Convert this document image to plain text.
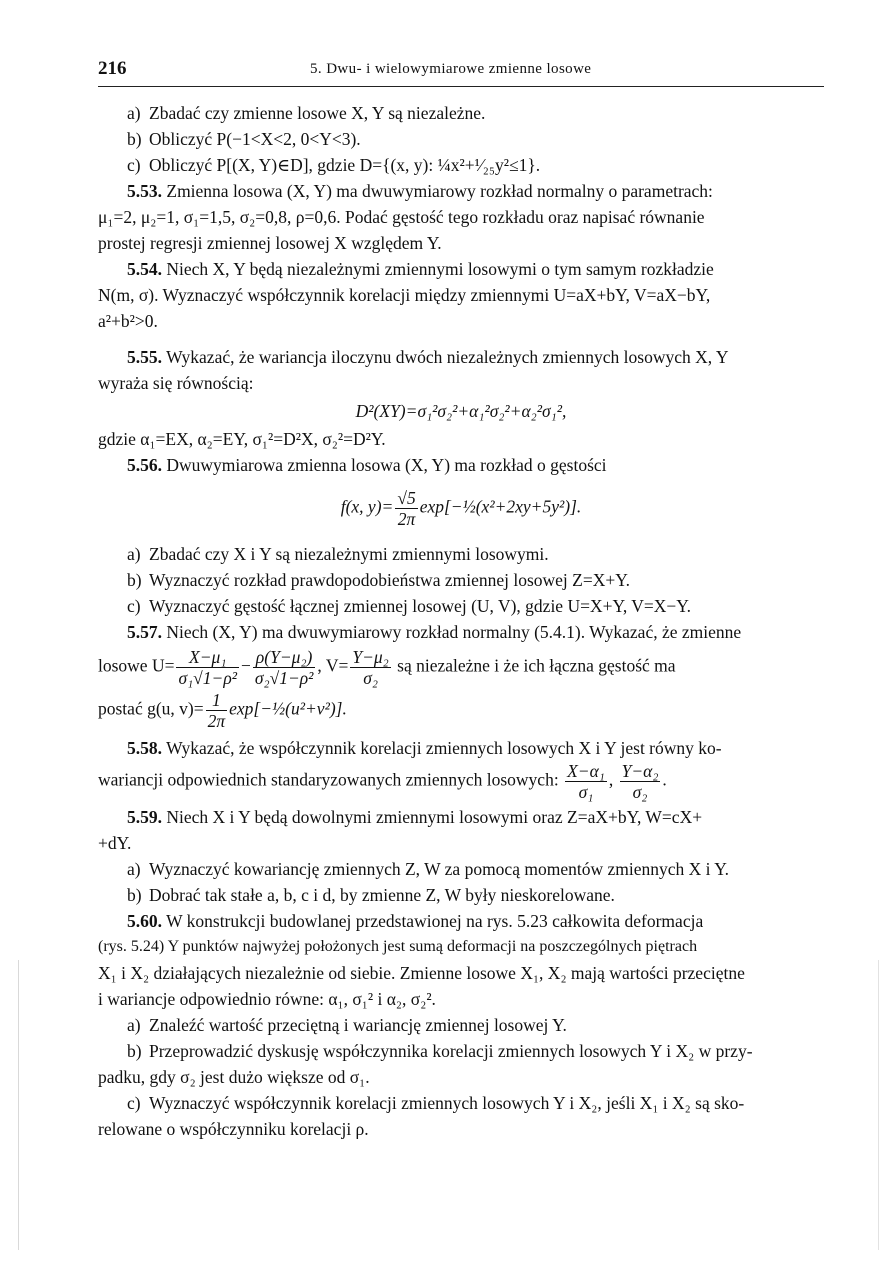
216	5. Dwu- i wielowymiarowe zmienne losowe

a) Zbadać czy zmienne losowe X, Y są niezależne.

b) Obliczyć P(−1<X<2, 0<Y<3).

c) Obliczyć P[(X, Y)∈D], gdzie D={(x, y): ¼x²+¹⁄₂₅y²≤1}.

5.53. Zmienna losowa (X, Y) ma dwuwymiarowy rozkład normalny o parametrach:

μ₁=2, μ₂=1, σ₁=1,5, σ₂=0,8, ρ=0,6. Podać gęstość tego rozkładu oraz napisać równanie

prostej regresji zmiennej losowej X względem Y.

5.54. Niech X, Y będą niezależnymi zmiennymi losowymi o tym samym rozkładzie

N(m, σ). Wyznaczyć współczynnik korelacji między zmiennymi U=aX+bY, V=aX−bY,

a²+b²>0.

5.55. Wykazać, że wariancja iloczynu dwóch niezależnych zmiennych losowych X, Y

wyraża się równością:

D²(XY)=σ₁²σ₂²+α₁²σ₂²+α₂²σ₁²,

gdzie α₁=EX, α₂=EY, σ₁²=D²X, σ₂²=D²Y.

5.56. Dwuwymiarowa zmienna losowa (X, Y) ma rozkład o gęstości

f(x, $y)= \frac{√5}{2\pi}$ exp[−½(x²+2xy+5y²)].

a) Zbadać czy X i Y są niezależnymi zmiennymi losowymi.

b) Wyznaczyć rozkład prawdopodobieństwa zmiennej losowej Z=X+Y.

c) Wyznaczyć gęstość łącznej zmiennej losowej (U, V), gdzie U=X+Y, V=X−Y.

5.57. Niech (X, Y) ma dwuwymiarowy rozkład normalny (5.4.1). Wykazać, że zmienne

losowe $U= \frac{\text{X−μ₁}}{\text{σ₁√1−ρ²}} - \frac{\text{ρ(Y−μ₂)}}{\text{σ₂√1−ρ²}}$ , $V= \frac{\text{Y−μ₂}}{\text{σ₂}}$ są niezależne i że ich łączna gęstość ma
postać g(u, $v)= \frac{1}{2\pi}$ exp[−½(u²+v²)].

5.58. Wykazać, że współczynnik korelacji zmiennych losowych X i Y jest równy ko-

wariancji odpowiednich standaryzowanych zmiennych losowych: $\frac{\text{X−α₁}}{\text{σ₁}}$ , $\frac{\text{Y−α₂}}{\text{σ₂}}$ .

5.59. Niech X i Y będą dowolnymi zmiennymi losowymi oraz Z=aX+bY, W=cX+

+dY.

a) Wyznaczyć kowariancję zmiennych Z, W za pomocą momentów zmiennych X i Y.

b) Dobrać tak stałe a, b, c i d, by zmienne Z, W były nieskorelowane.

5.60. W konstrukcji budowlanej przedstawionej na rys. 5.23 całkowita deformacja

(rys. 5.24) Y punktów najwyżej położonych jest sumą deformacji na poszczególnych piętrach

X₁ i X₂ działających niezależnie od siebie. Zmienne losowe X₁, X₂ mają wartości przeciętne

i wariancje odpowiednio równe: α₁, σ₁² i α₂, σ₂².

a) Znaleźć wartość przeciętną i wariancję zmiennej losowej Y.

b) Przeprowadzić dyskusję współczynnika korelacji zmiennych losowych Y i X₂ w przy-

padku, gdy σ₂ jest dużo większe od σ₁.

c) Wyznaczyć współczynnik korelacji zmiennych losowych Y i X₂, jeśli X₁ i X₂ są sko-

relowane o współczynniku korelacji ρ.
